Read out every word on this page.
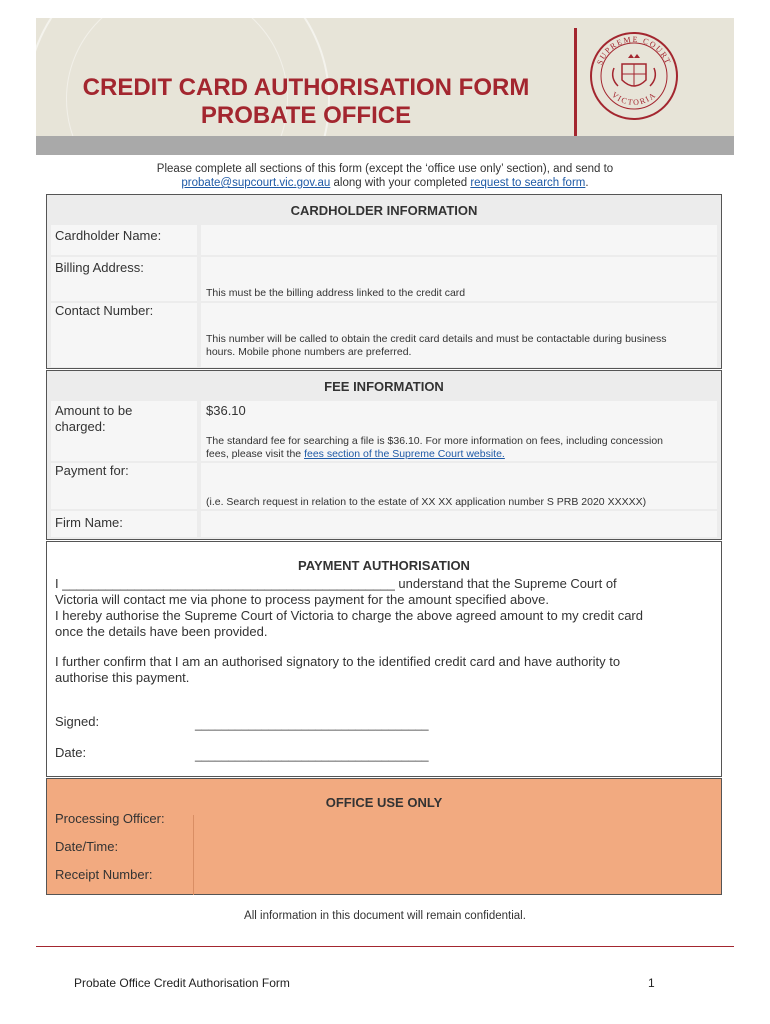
CREDIT CARD AUTHORISATION FORM
PROBATE OFFICE
SUPREME COURT
VICTORIA
Please complete all sections of this form (except the ‘office use only’ section), and send to
probate@supcourt.vic.gov.au along with your completed request to search form.
CARDHOLDER INFORMATION
Cardholder Name:
Billing Address:
This must be the billing address linked to the credit card
Contact Number:
This number will be called to obtain the credit card details and must be contactable during business
hours. Mobile phone numbers are preferred.
FEE INFORMATION
Amount to be
charged:
$36.10
The standard fee for searching a file is $36.10. For more information on fees, including concession
fees, please visit the fees section of the Supreme Court website.
Payment for:
(i.e. Search request in relation to the estate of XX XX application number S PRB 2020 XXXXX)
Firm Name:
PAYMENT AUTHORISATION
I ______________________________________________ understand that the Supreme Court of
Victoria will contact me via phone to process payment for the amount specified above.
I hereby authorise the Supreme Court of Victoria to charge the above agreed amount to my credit card
once the details have been provided.
I further confirm that I am an authorised signatory to the identified credit card and have authority to
authorise this payment.
Signed:	___________________________________
Date:	___________________________________
OFFICE USE ONLY
Processing Officer:
Date/Time:
Receipt Number:
All information in this document will remain confidential.
Probate Office Credit Authorisation Form	1
